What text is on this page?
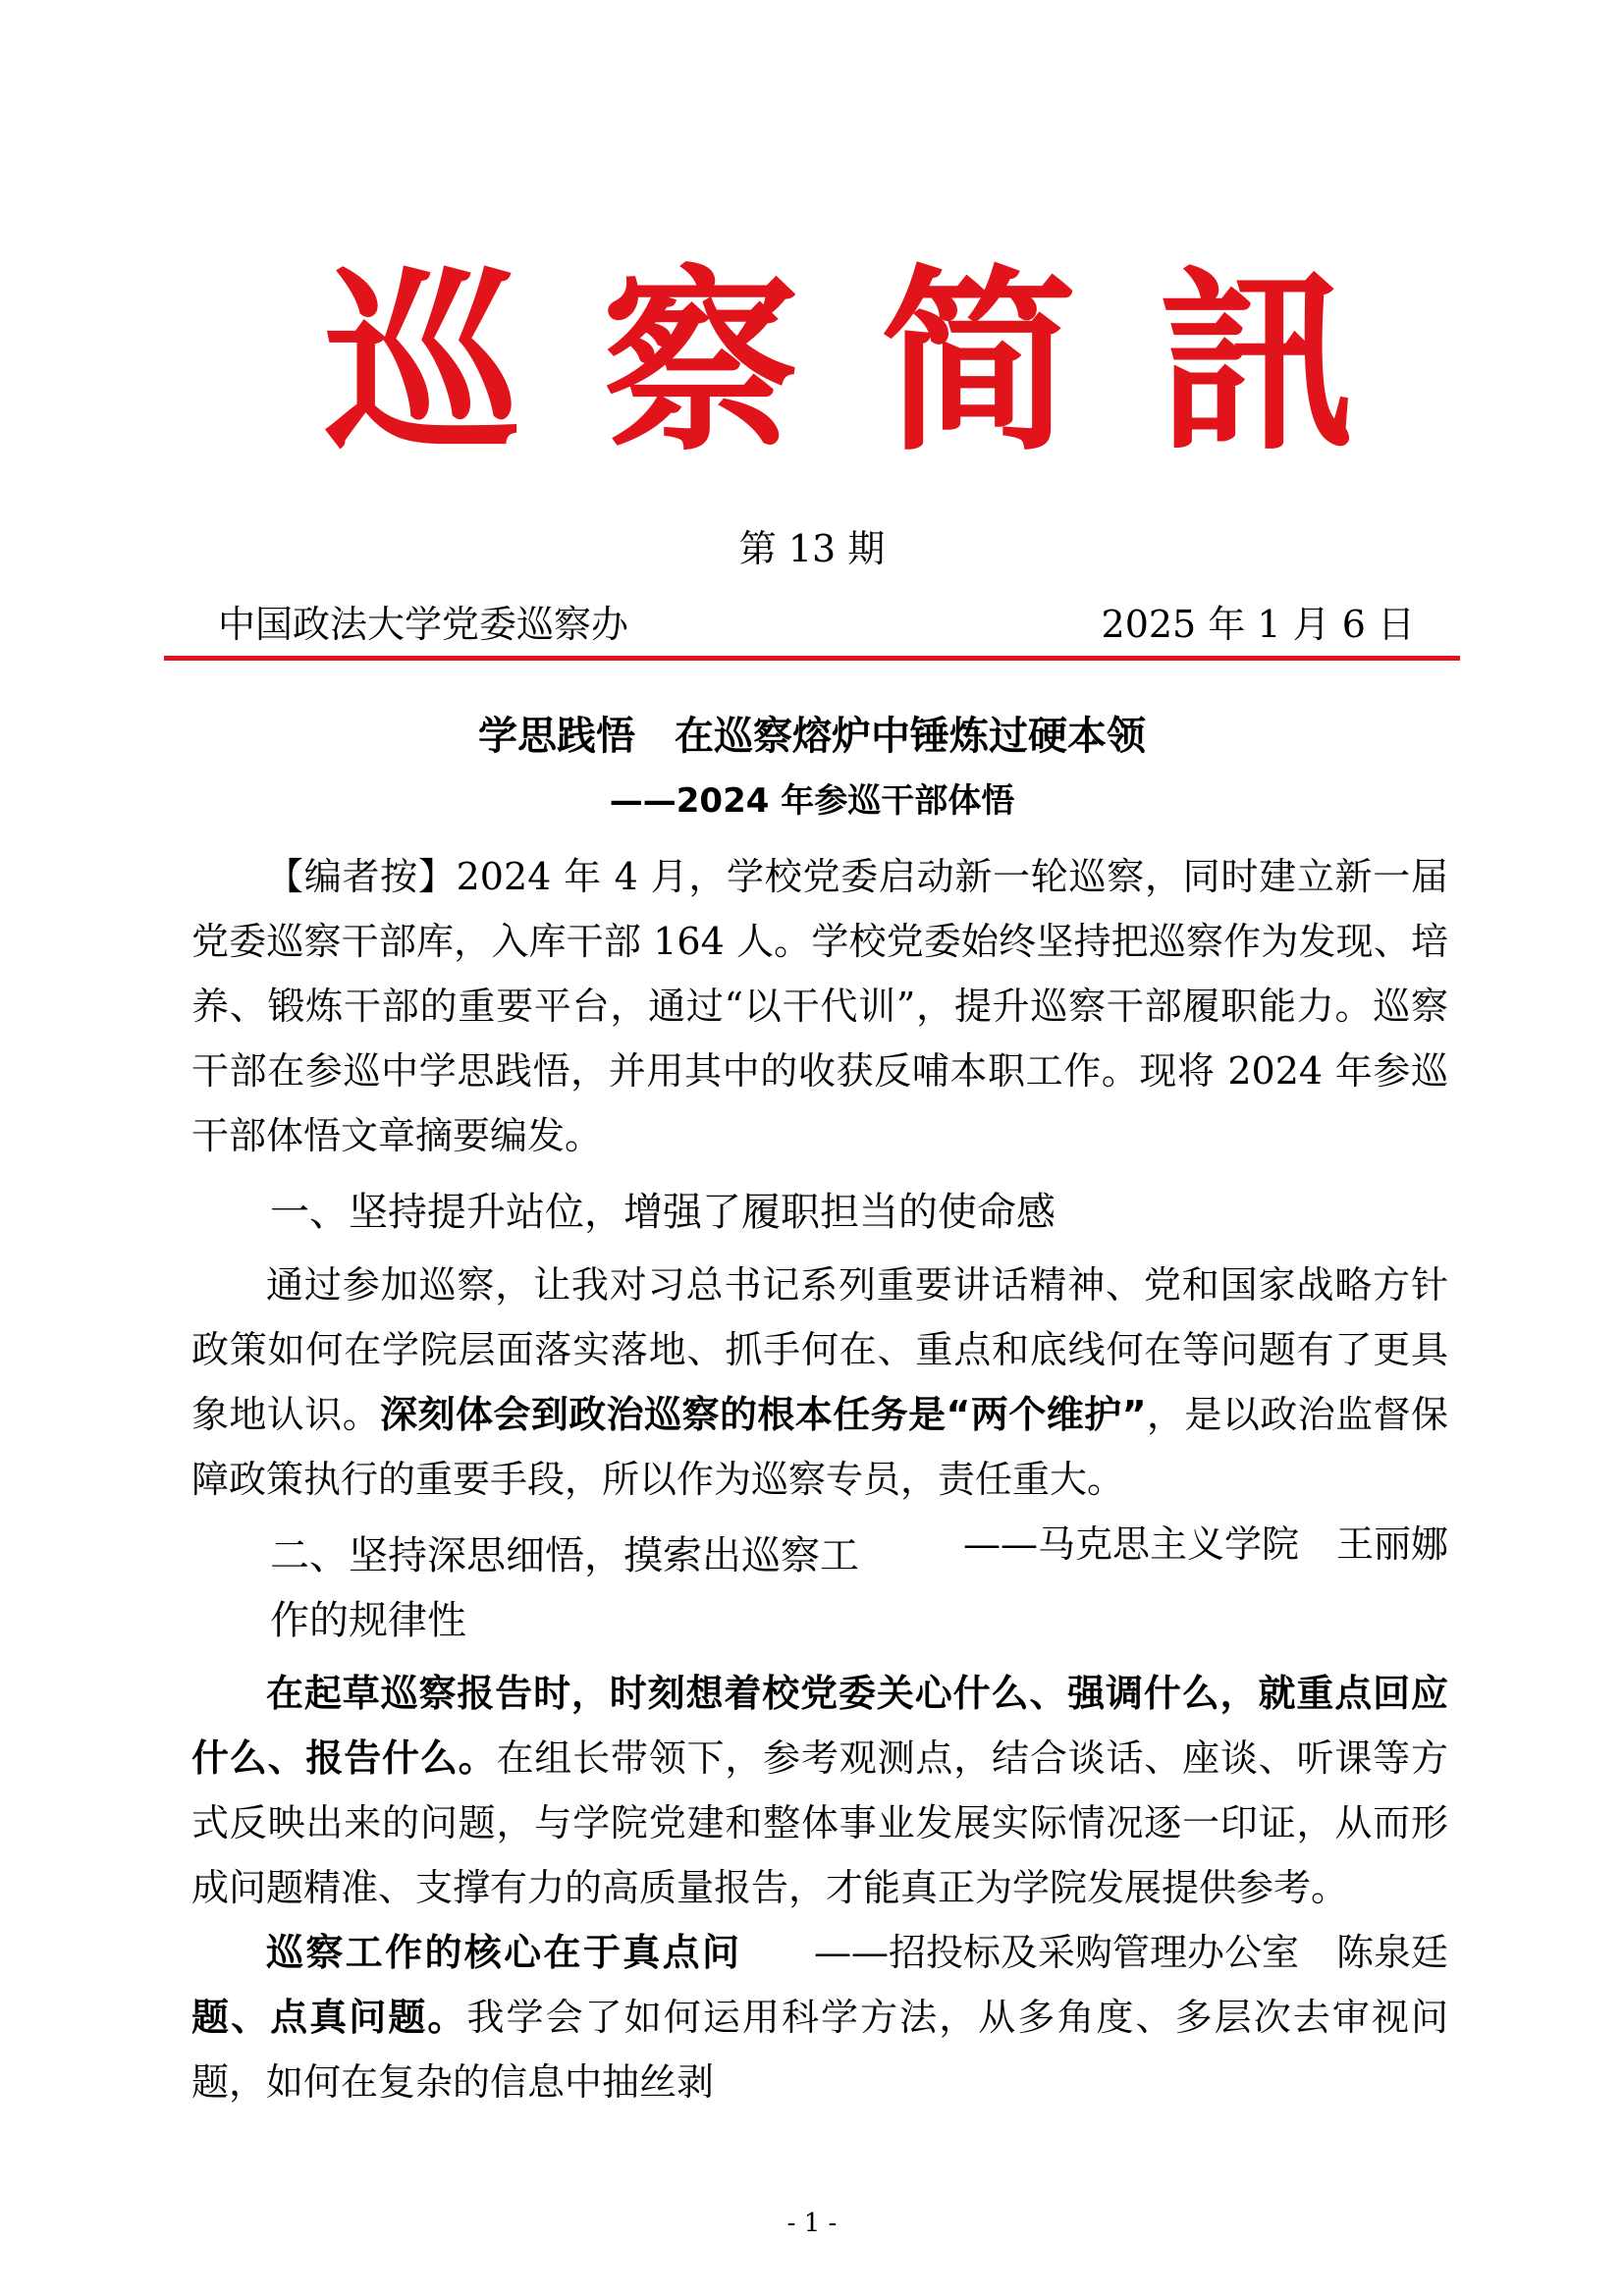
巡 察 简 訊
第 13 期
中国政法大学党委巡察办	2025 年 1 月 6 日
学思践悟　在巡察熔炉中锤炼过硬本领
——2024 年参巡干部体悟

【编者按】2024 年 4 月，学校党委启动新一轮巡察，同时建立新一届党委巡察干部库，入库干部 164 人。学校党委始终坚持把巡察作为发现、培养、锻炼干部的重要平台，通过“以干代训”，提升巡察干部履职能力。巡察干部在参巡中学思践悟，并用其中的收获反哺本职工作。现将 2024 年参巡干部体悟文章摘要编发。

一、坚持提升站位，增强了履职担当的使命感

通过参加巡察，让我对习总书记系列重要讲话精神、党和国家战略方针政策如何在学院层面落实落地、抓手何在、重点和底线何在等问题有了更具象地认识。深刻体会到政治巡察的根本任务是“两个维护”，是以政治监督保障政策执行的重要手段，所以作为巡察专员，责任重大。
——马克思主义学院　王丽娜

二、坚持深思细悟，摸索出巡察工作的规律性

在起草巡察报告时，时刻想着校党委关心什么、强调什么，就重点回应什么、报告什么。在组长带领下，参考观测点，结合谈话、座谈、听课等方式反映出来的问题，与学院党建和整体事业发展实际情况逐一印证，从而形成问题精准、支撑有力的高质量报告，才能真正为学院发展提供参考。
——招投标及采购管理办公室　陈泉廷

巡察工作的核心在于真点问题、点真问题。我学会了如何运用科学方法，从多角度、多层次去审视问题，如何在复杂的信息中抽丝剥

- 1 -
